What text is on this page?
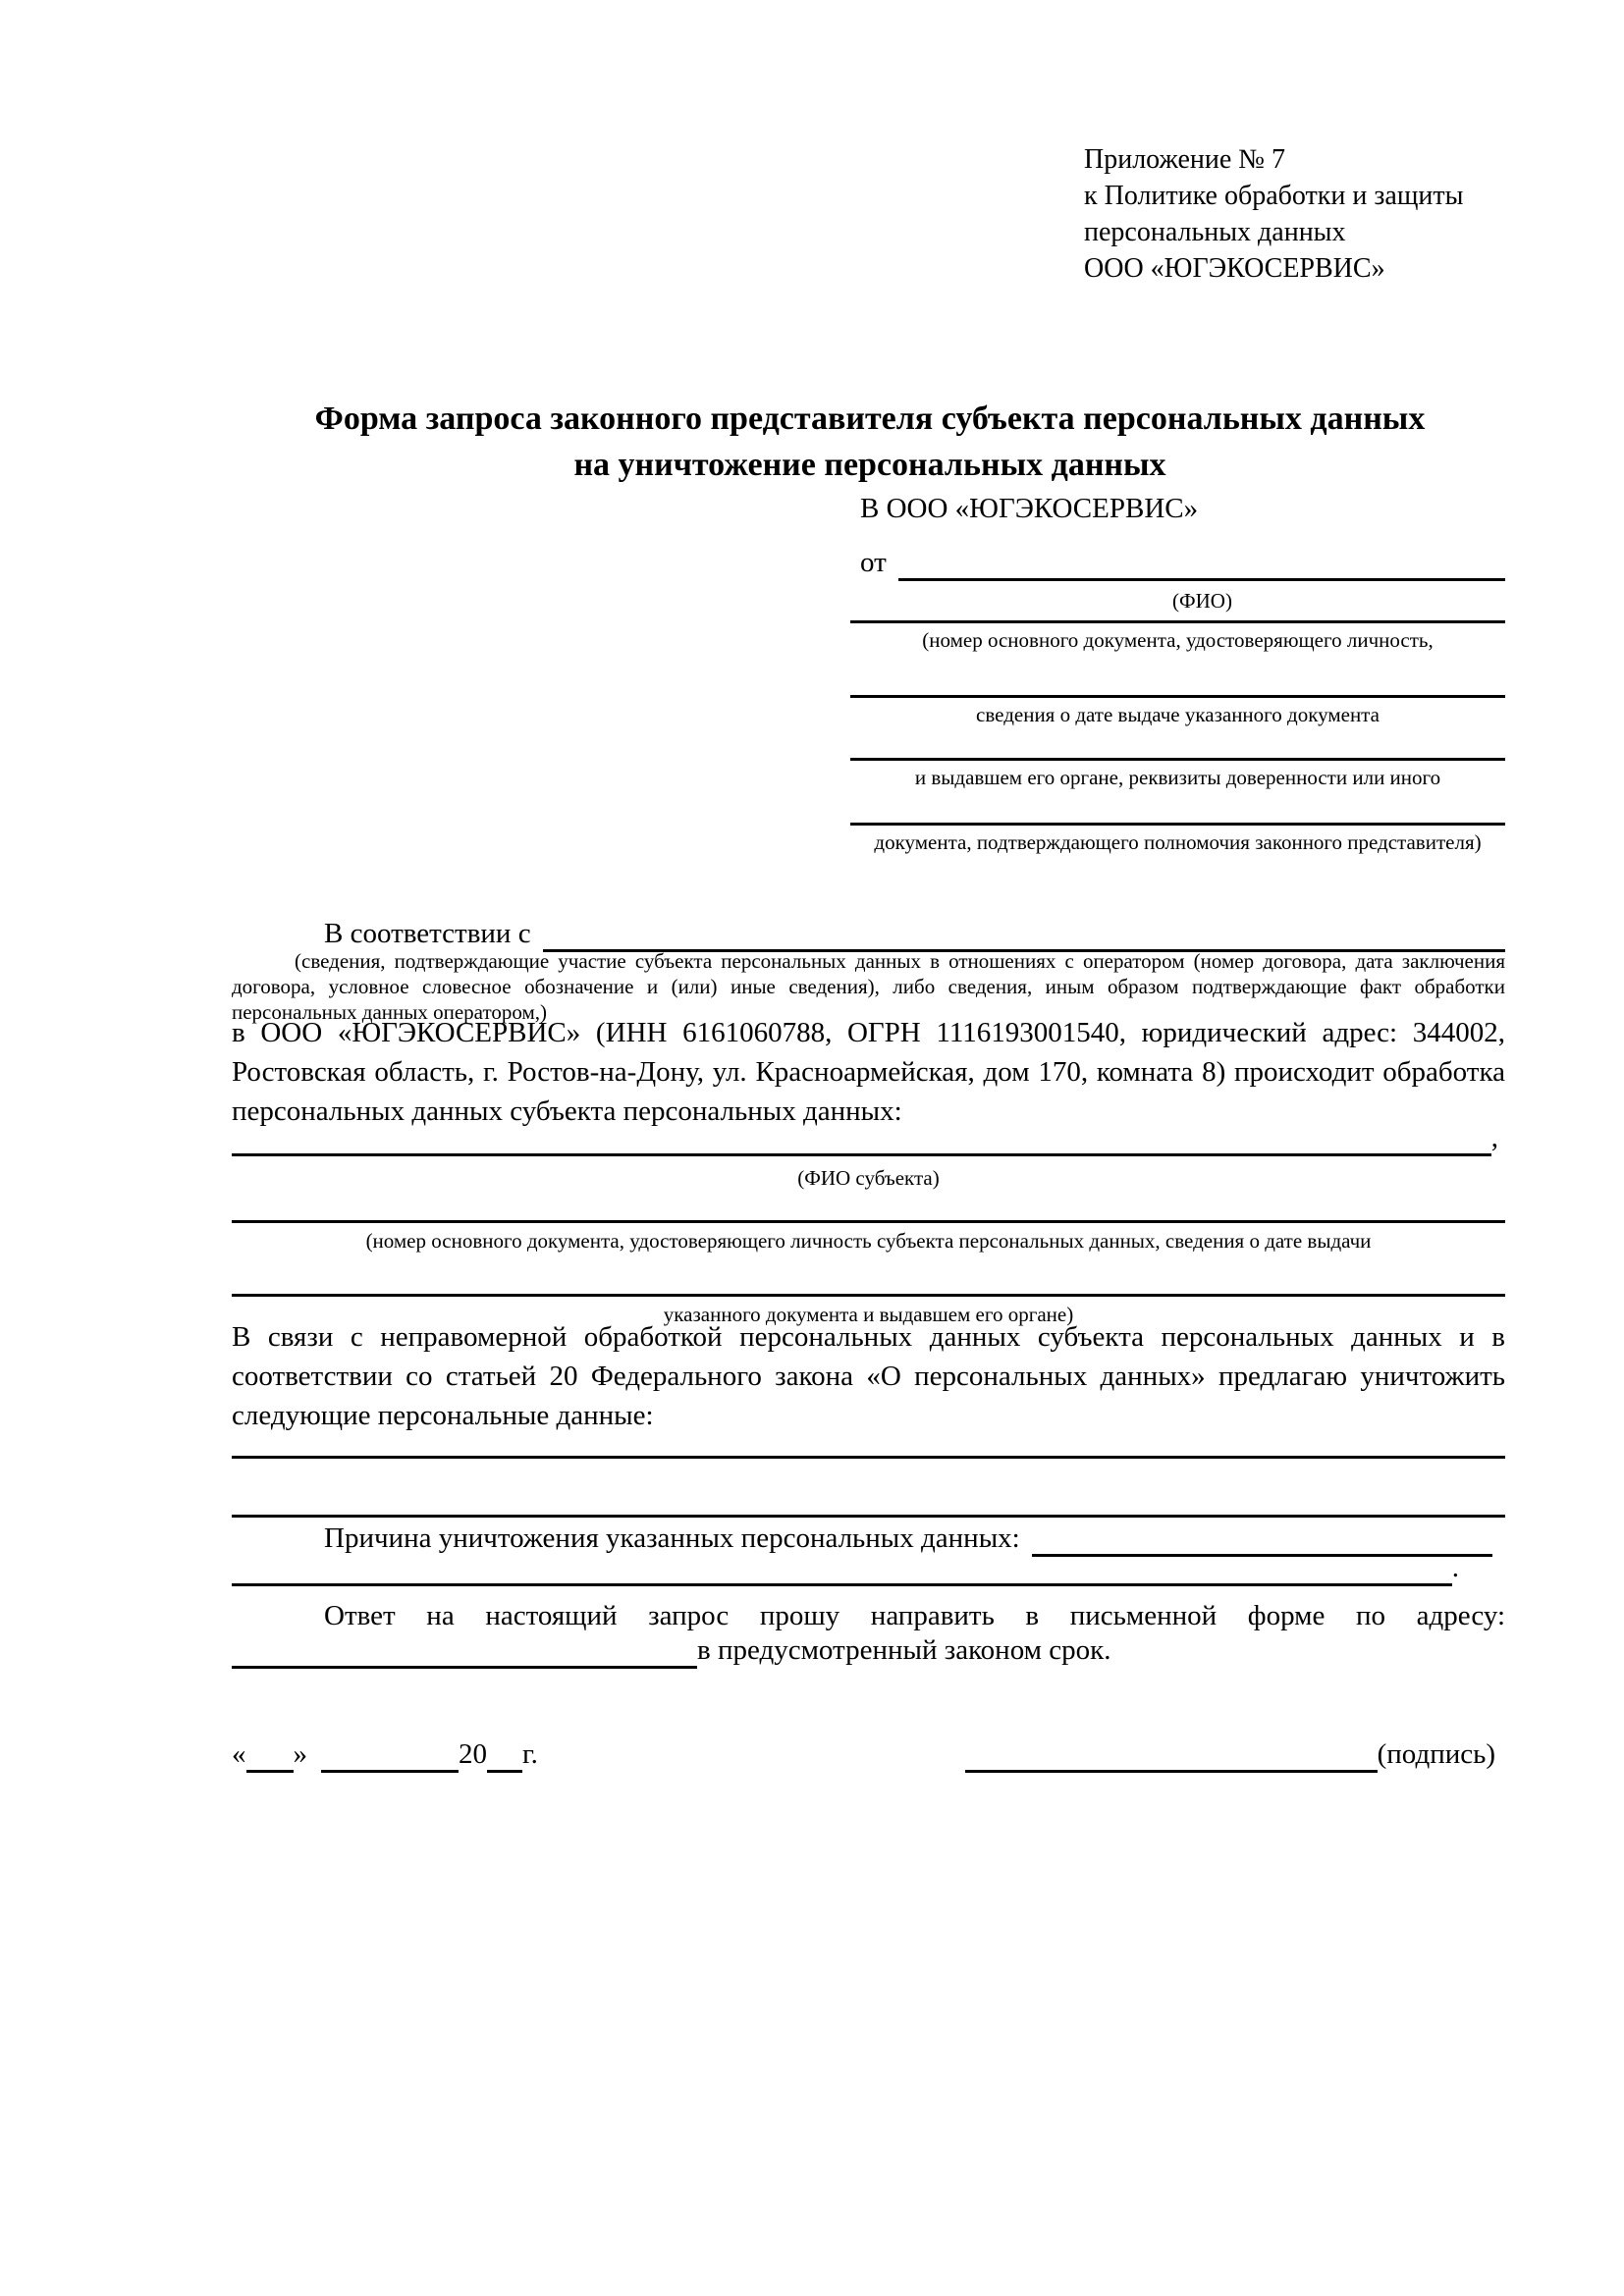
Приложение № 7
к Политике обработки и защиты
персональных данных
ООО «ЮГЭКОСЕРВИС»
Форма запроса законного представителя субъекта персональных данных
на уничтожение персональных данных
В ООО «ЮГЭКОСЕРВИС»
от
(ФИО)
(номер основного документа, удостоверяющего личность,
сведения о дате выдаче указанного документа
и выдавшем его органе, реквизиты доверенности или иного
документа, подтверждающего полномочия законного представителя)
В соответствии с
(сведения, подтверждающие участие субъекта персональных данных в отношениях с оператором (номер договора, дата заключения договора, условное словесное обозначение и (или) иные сведения), либо сведения, иным образом подтверждающие факт обработки персональных данных оператором,)
в ООО «ЮГЭКОСЕРВИС» (ИНН 6161060788, ОГРН 1116193001540, юридический адрес: 344002, Ростовская область, г. Ростов-на-Дону, ул. Красноармейская, дом 170, комната 8) происходит обработка персональных данных субъекта персональных данных:
,
(ФИО субъекта)
(номер основного документа, удостоверяющего личность субъекта персональных данных, сведения о дате выдачи
указанного документа и выдавшем его органе)
В связи с неправомерной обработкой персональных данных субъекта персональных данных и в соответствии со статьей 20 Федерального закона «О персональных данных» предлагаю уничтожить следующие персональные данные:
Причина уничтожения указанных персональных данных:
.
Ответ на настоящий запрос прошу направить в письменной форме по адресу:
в предусмотренный законом срок.
« »	20 г.	(подпись)
